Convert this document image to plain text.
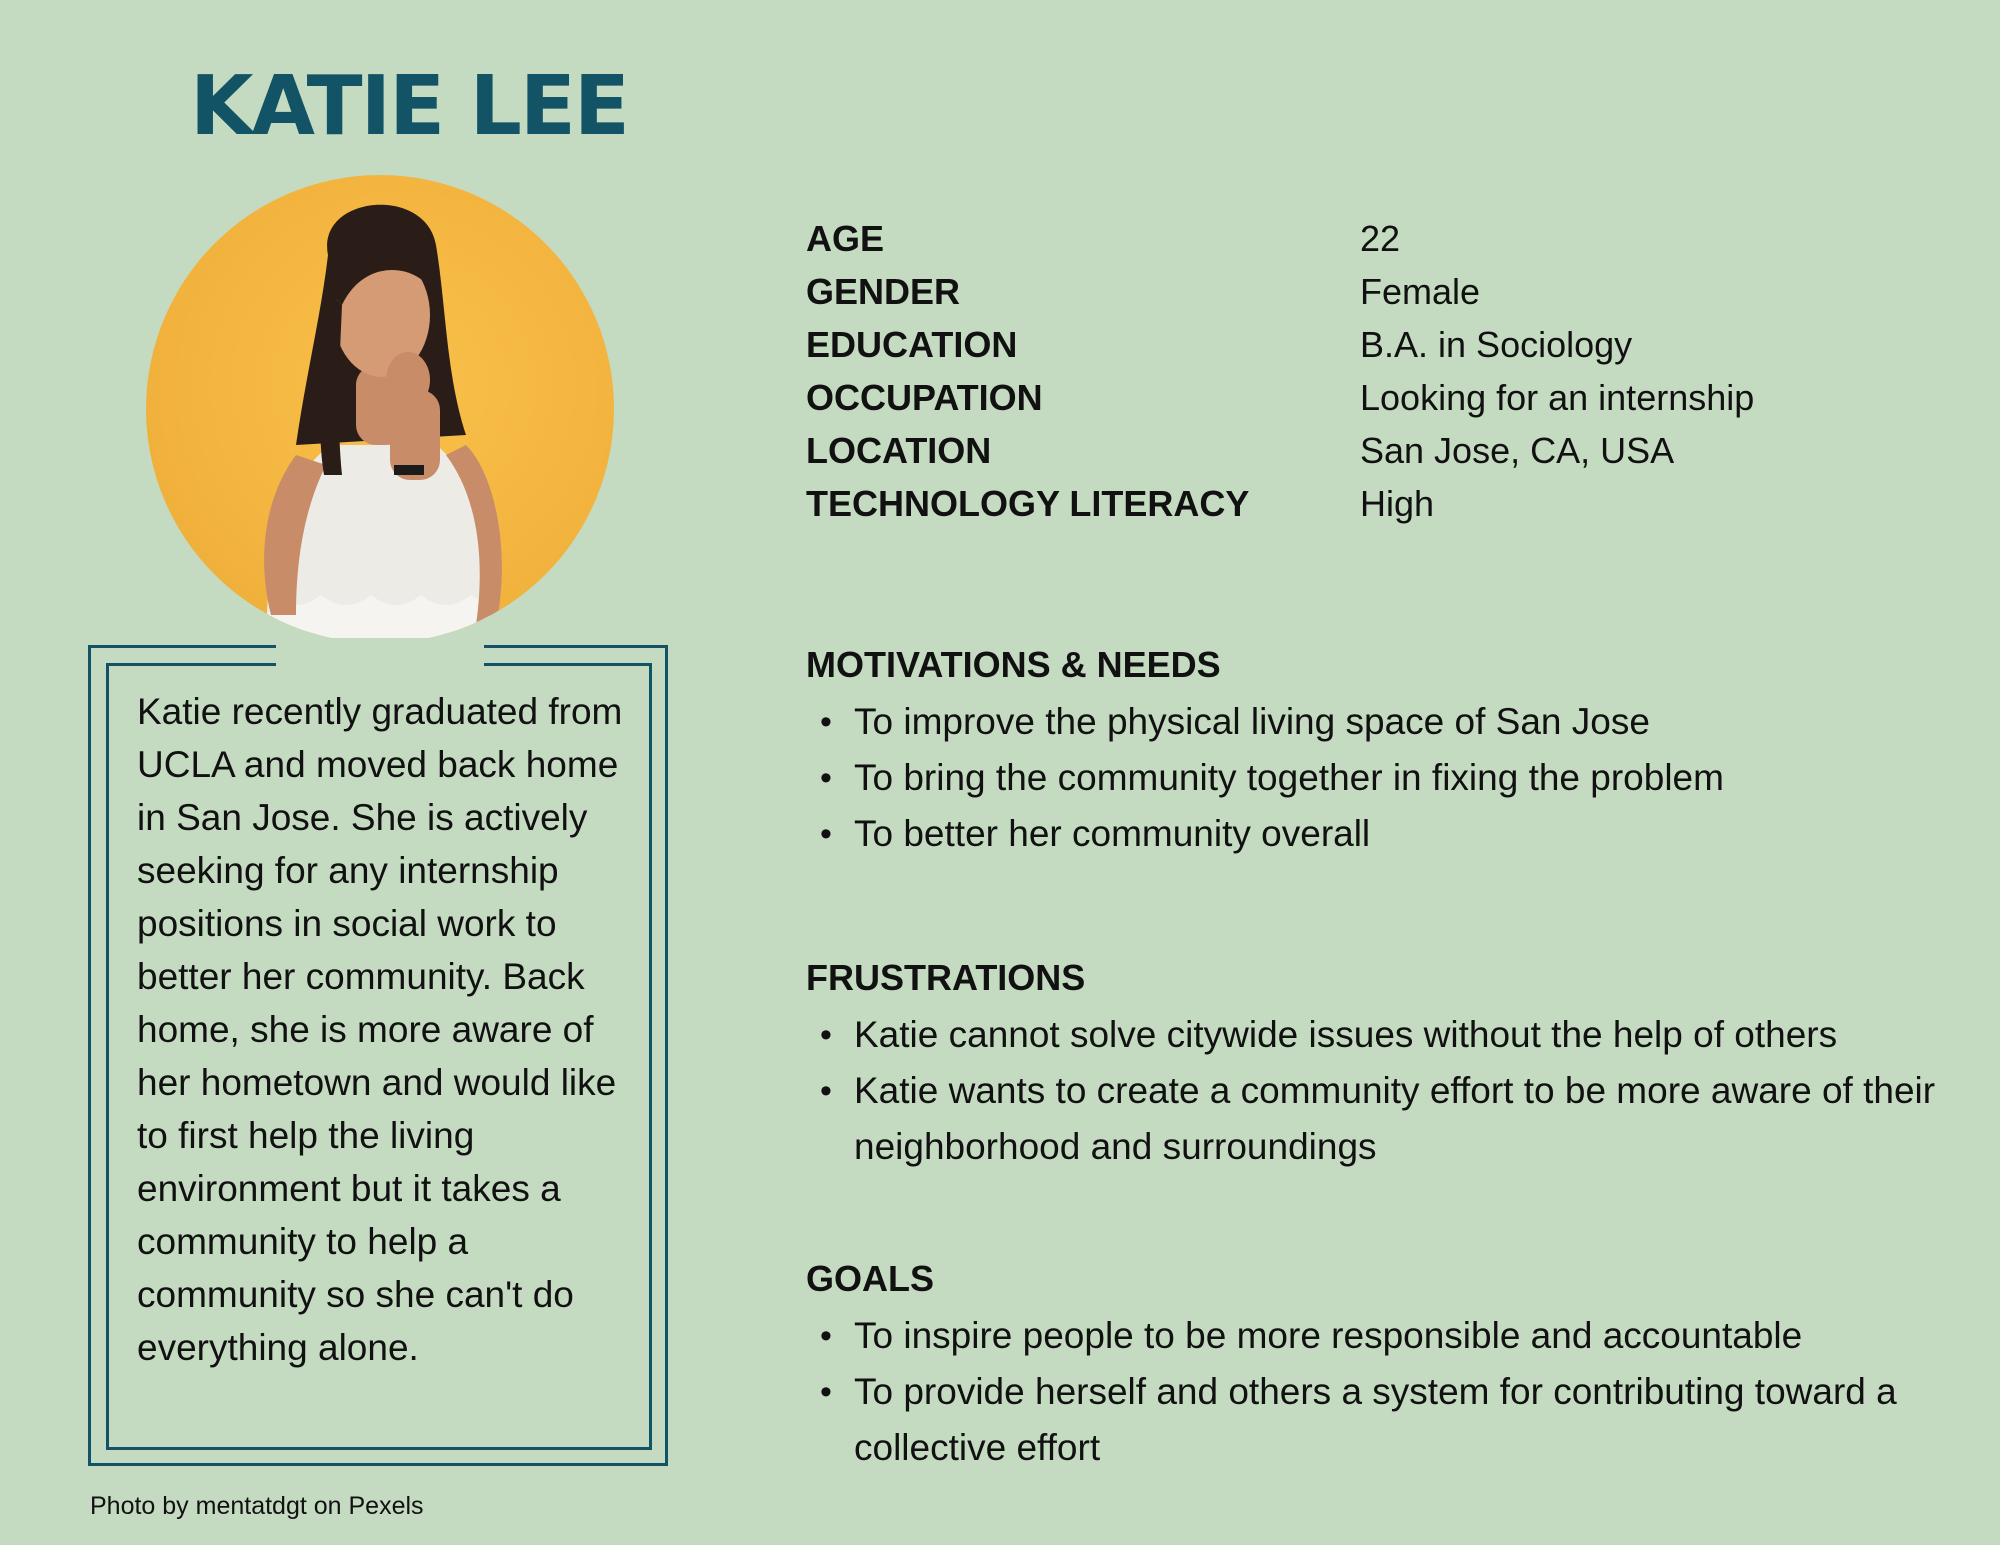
KATIE LEE

Katie recently graduated from UCLA and moved back home in San Jose. She is actively seeking for any internship positions in social work to better her community. Back home, she is more aware of her hometown and would like to first help the living environment but it takes a community to help a community so she can't do everything alone.

Photo by mentatdgt on Pexels

AGE	22
GENDER	Female
EDUCATION	B.A. in Sociology
OCCUPATION	Looking for an internship
LOCATION	San Jose, CA, USA
TECHNOLOGY LITERACY	High
MOTIVATIONS & NEEDS
• To improve the physical living space of San Jose
• To bring the community together in fixing the problem
• To better her community overall
FRUSTRATIONS
• Katie cannot solve citywide issues without the help of others
• Katie wants to create a community effort to be more aware of their neighborhood and surroundings
GOALS
• To inspire people to be more responsible and accountable
• To provide herself and others a system for contributing toward a collective effort
